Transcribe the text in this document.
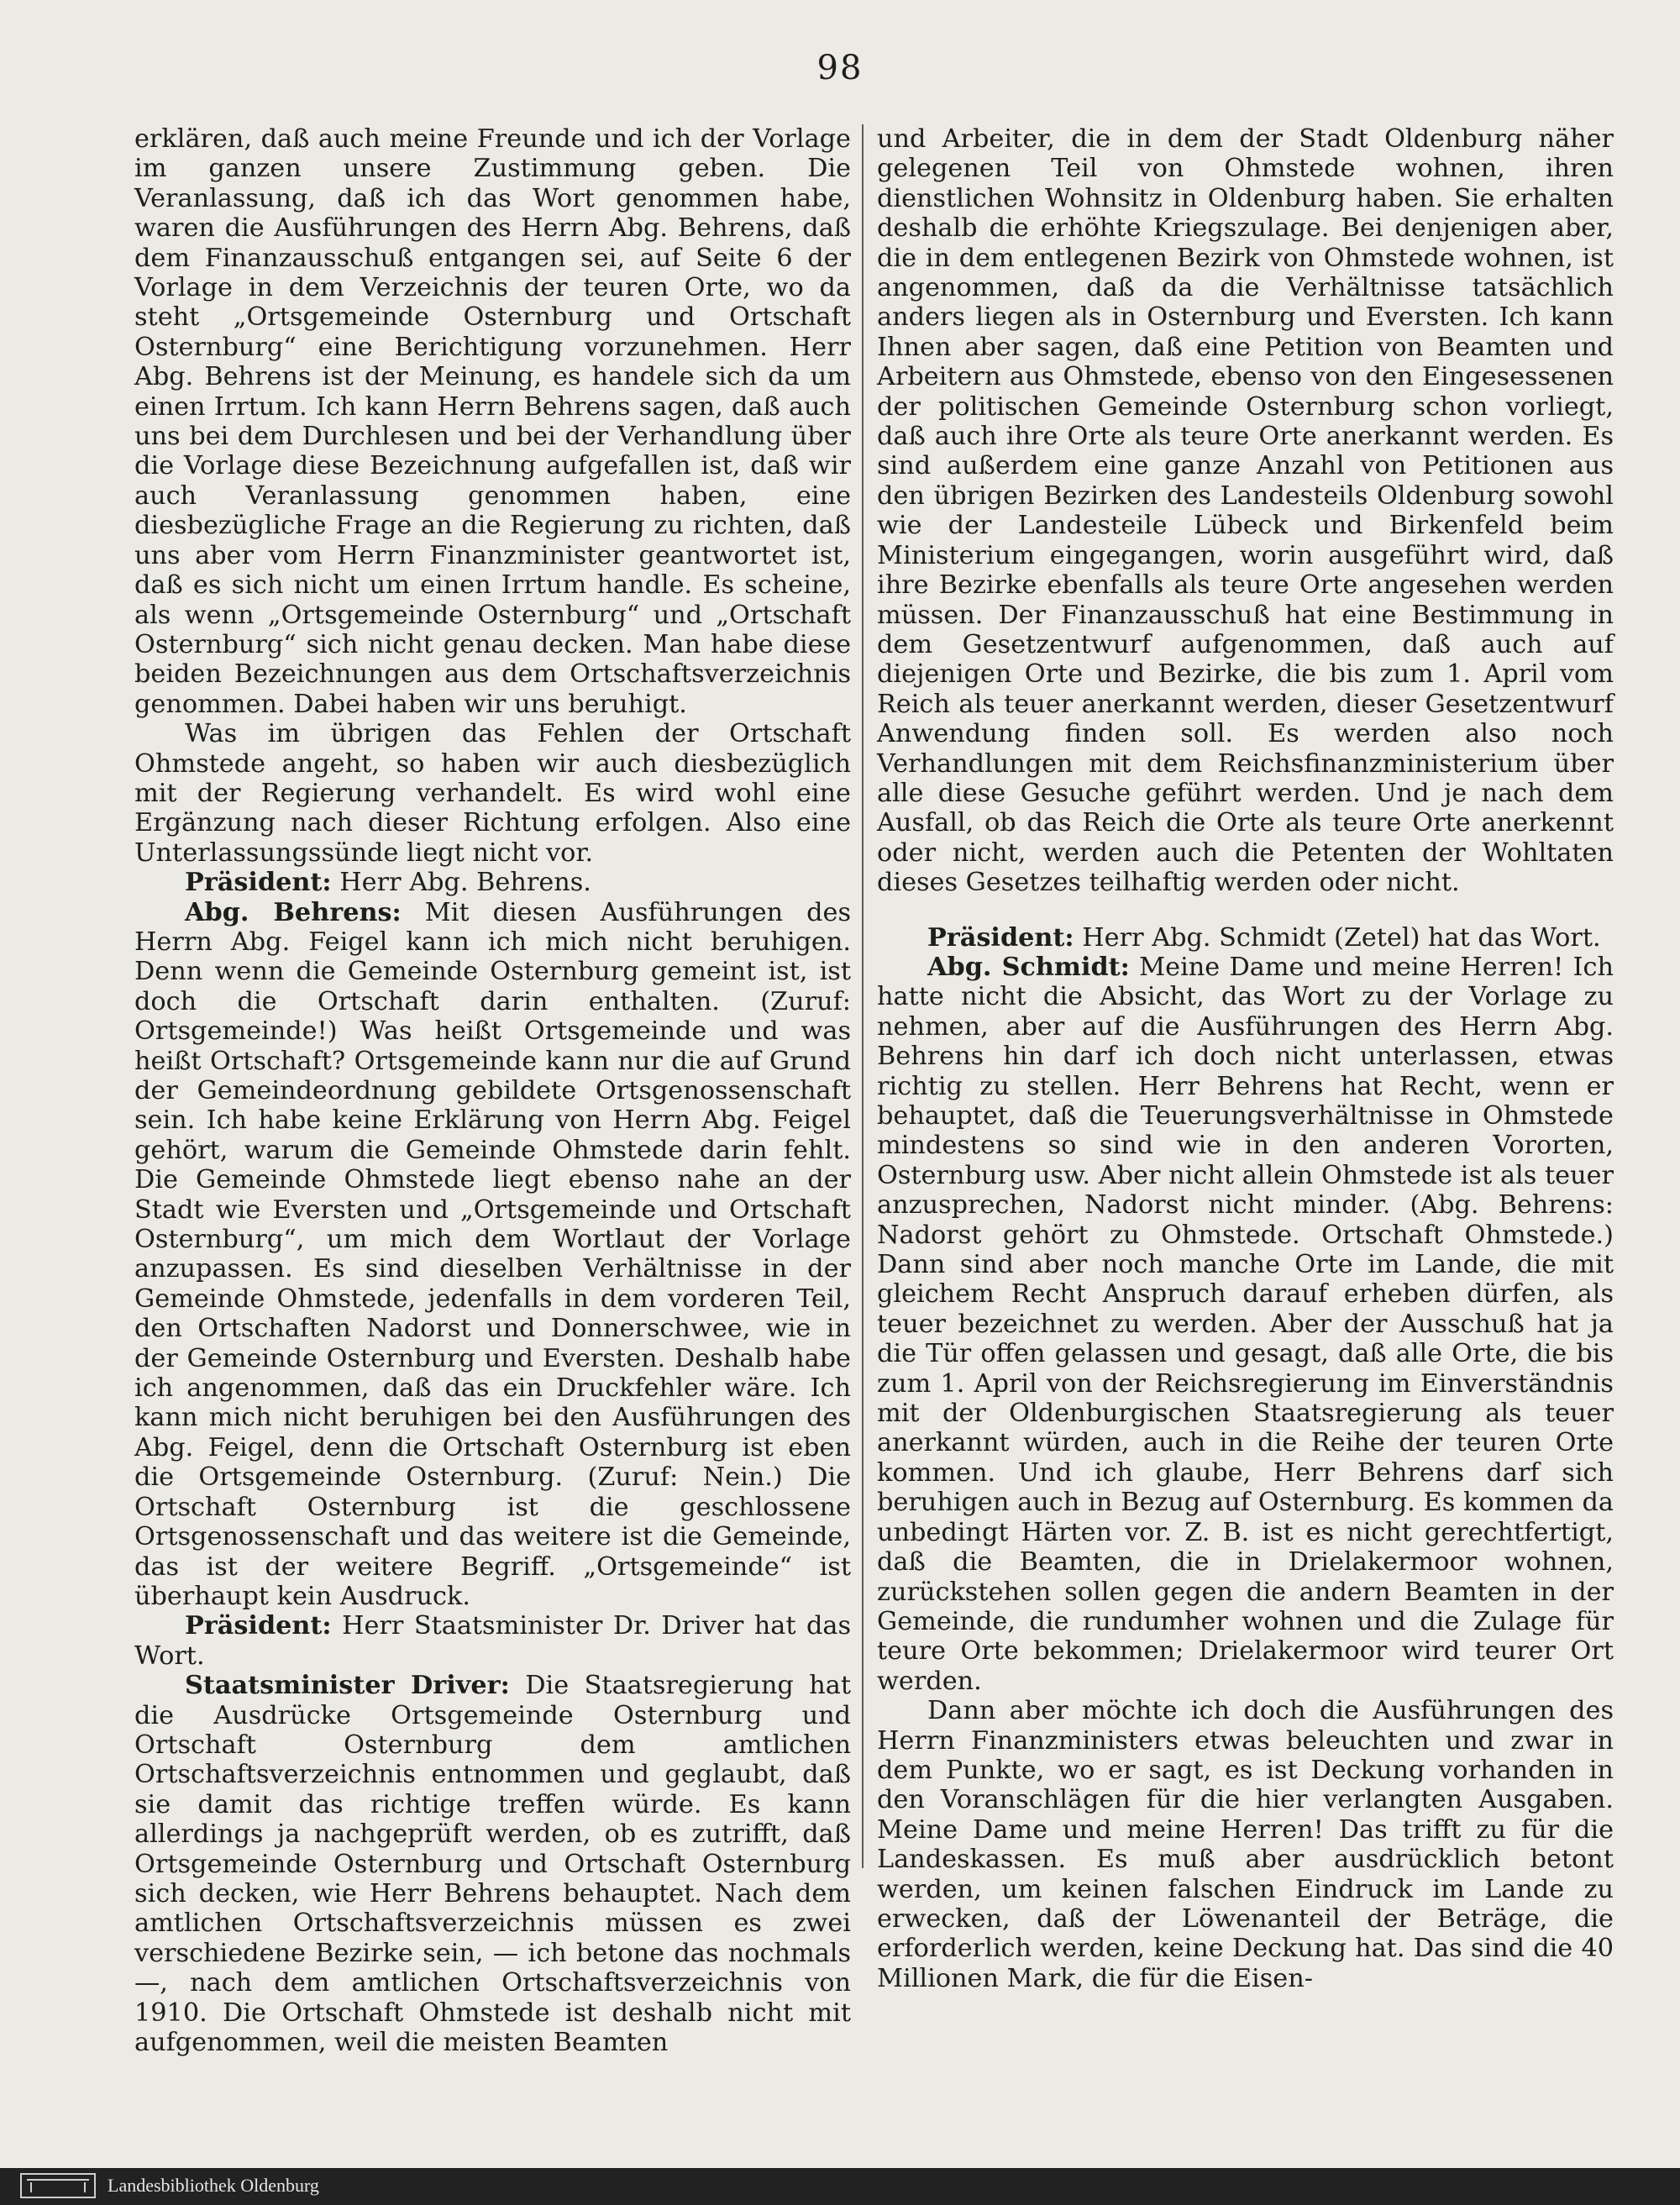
98

erklären, daß auch meine Freunde und ich der Vorlage im ganzen unsere Zustimmung geben. Die Veranlassung, daß ich das Wort genommen habe, waren die Ausführungen des Herrn Abg. Behrens, daß dem Finanzausschuß entgangen sei, auf Seite 6 der Vorlage in dem Verzeichnis der teuren Orte, wo da steht „Ortsgemeinde Osternburg und Ortschaft Osternburg“ eine Berichtigung vorzunehmen. Herr Abg. Behrens ist der Meinung, es handele sich da um einen Irrtum. Ich kann Herrn Behrens sagen, daß auch uns bei dem Durchlesen und bei der Verhandlung über die Vorlage diese Bezeichnung aufgefallen ist, daß wir auch Veranlassung genommen haben, eine diesbezügliche Frage an die Regierung zu richten, daß uns aber vom Herrn Finanzminister geantwortet ist, daß es sich nicht um einen Irrtum handle. Es scheine, als wenn „Ortsgemeinde Osternburg“ und „Ortschaft Osternburg“ sich nicht genau decken. Man habe diese beiden Bezeichnungen aus dem Ortschaftsverzeichnis genommen. Dabei haben wir uns beruhigt.

Was im übrigen das Fehlen der Ortschaft Ohmstede angeht, so haben wir auch diesbezüglich mit der Regierung verhandelt. Es wird wohl eine Ergänzung nach dieser Richtung erfolgen. Also eine Unterlassungssünde liegt nicht vor.

Präsident: Herr Abg. Behrens.

Abg. Behrens: Mit diesen Ausführungen des Herrn Abg. Feigel kann ich mich nicht beruhigen. Denn wenn die Gemeinde Osternburg gemeint ist, ist doch die Ortschaft darin enthalten. (Zuruf: Ortsgemeinde!) Was heißt Ortsgemeinde und was heißt Ortschaft? Ortsgemeinde kann nur die auf Grund der Gemeindeordnung gebildete Ortsgenossenschaft sein. Ich habe keine Erklärung von Herrn Abg. Feigel gehört, warum die Gemeinde Ohmstede darin fehlt. Die Gemeinde Ohmstede liegt ebenso nahe an der Stadt wie Eversten und „Ortsgemeinde und Ortschaft Osternburg“, um mich dem Wortlaut der Vorlage anzupassen. Es sind dieselben Verhältnisse in der Gemeinde Ohmstede, jedenfalls in dem vorderen Teil, den Ortschaften Nadorst und Donnerschwee, wie in der Gemeinde Osternburg und Eversten. Deshalb habe ich angenommen, daß das ein Druckfehler wäre. Ich kann mich nicht beruhigen bei den Ausführungen des Abg. Feigel, denn die Ortschaft Osternburg ist eben die Ortsgemeinde Osternburg. (Zuruf: Nein.) Die Ortschaft Osternburg ist die geschlossene Ortsgenossenschaft und das weitere ist die Gemeinde, das ist der weitere Begriff. „Ortsgemeinde“ ist überhaupt kein Ausdruck.

Präsident: Herr Staatsminister Dr. Driver hat das Wort.

Staatsminister Driver: Die Staatsregierung hat die Ausdrücke Ortsgemeinde Osternburg und Ortschaft Osternburg dem amtlichen Ortschaftsverzeichnis entnommen und geglaubt, daß sie damit das richtige treffen würde. Es kann allerdings ja nachgeprüft werden, ob es zutrifft, daß Ortsgemeinde Osternburg und Ortschaft Osternburg sich decken, wie Herr Behrens behauptet. Nach dem amtlichen Ortschaftsverzeichnis müssen es zwei verschiedene Bezirke sein, — ich betone das nochmals —, nach dem amtlichen Ortschaftsverzeichnis von 1910. Die Ortschaft Ohmstede ist deshalb nicht mit aufgenommen, weil die meisten Beamten

und Arbeiter, die in dem der Stadt Oldenburg näher gelegenen Teil von Ohmstede wohnen, ihren dienstlichen Wohnsitz in Oldenburg haben. Sie erhalten deshalb die erhöhte Kriegszulage. Bei denjenigen aber, die in dem entlegenen Bezirk von Ohmstede wohnen, ist angenommen, daß da die Verhältnisse tatsächlich anders liegen als in Osternburg und Eversten. Ich kann Ihnen aber sagen, daß eine Petition von Beamten und Arbeitern aus Ohmstede, ebenso von den Eingesessenen der politischen Gemeinde Osternburg schon vorliegt, daß auch ihre Orte als teure Orte anerkannt werden. Es sind außerdem eine ganze Anzahl von Petitionen aus den übrigen Bezirken des Landesteils Oldenburg sowohl wie der Landesteile Lübeck und Birkenfeld beim Ministerium eingegangen, worin ausgeführt wird, daß ihre Bezirke ebenfalls als teure Orte angesehen werden müssen. Der Finanzausschuß hat eine Bestimmung in dem Gesetzentwurf aufgenommen, daß auch auf diejenigen Orte und Bezirke, die bis zum 1. April vom Reich als teuer anerkannt werden, dieser Gesetzentwurf Anwendung finden soll. Es werden also noch Verhandlungen mit dem Reichsfinanzministerium über alle diese Gesuche geführt werden. Und je nach dem Ausfall, ob das Reich die Orte als teure Orte anerkennt oder nicht, werden auch die Petenten der Wohltaten dieses Gesetzes teilhaftig werden oder nicht.

Präsident: Herr Abg. Schmidt (Zetel) hat das Wort.

Abg. Schmidt: Meine Dame und meine Herren! Ich hatte nicht die Absicht, das Wort zu der Vorlage zu nehmen, aber auf die Ausführungen des Herrn Abg. Behrens hin darf ich doch nicht unterlassen, etwas richtig zu stellen. Herr Behrens hat Recht, wenn er behauptet, daß die Teuerungsverhältnisse in Ohmstede mindestens so sind wie in den anderen Vororten, Osternburg usw. Aber nicht allein Ohmstede ist als teuer anzusprechen, Nadorst nicht minder. (Abg. Behrens: Nadorst gehört zu Ohmstede. Ortschaft Ohmstede.) Dann sind aber noch manche Orte im Lande, die mit gleichem Recht Anspruch darauf erheben dürfen, als teuer bezeichnet zu werden. Aber der Ausschuß hat ja die Tür offen gelassen und gesagt, daß alle Orte, die bis zum 1. April von der Reichsregierung im Einverständnis mit der Oldenburgischen Staatsregierung als teuer anerkannt würden, auch in die Reihe der teuren Orte kommen. Und ich glaube, Herr Behrens darf sich beruhigen auch in Bezug auf Osternburg. Es kommen da unbedingt Härten vor. Z. B. ist es nicht gerechtfertigt, daß die Beamten, die in Drielakermoor wohnen, zurückstehen sollen gegen die andern Beamten in der Gemeinde, die rundumher wohnen und die Zulage für teure Orte bekommen; Drielakermoor wird teurer Ort werden.

Dann aber möchte ich doch die Ausführungen des Herrn Finanzministers etwas beleuchten und zwar in dem Punkte, wo er sagt, es ist Deckung vorhanden in den Voranschlägen für die hier verlangten Ausgaben. Meine Dame und meine Herren! Das trifft zu für die Landeskassen. Es muß aber ausdrücklich betont werden, um keinen falschen Eindruck im Lande zu erwecken, daß der Löwenanteil der Beträge, die erforderlich werden, keine Deckung hat. Das sind die 40 Millionen Mark, die für die Eisen-

Landesbibliothek Oldenburg
